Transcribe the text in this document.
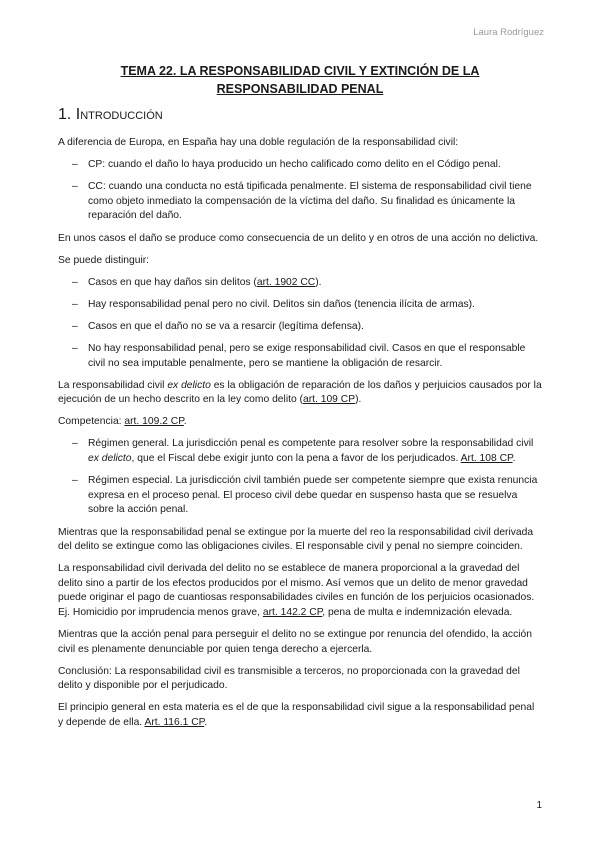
Laura Rodríguez
TEMA 22. LA RESPONSABILIDAD CIVIL Y EXTINCIÓN DE LA
RESPONSABILIDAD PENAL
1. Introducción

A diferencia de Europa, en España hay una doble regulación de la responsabilidad civil:

– CP: cuando el daño lo haya producido un hecho calificado como delito en el Código penal.
– CC: cuando una conducta no está tipificada penalmente. El sistema de responsabilidad civil tiene como objeto inmediato la compensación de la víctima del daño. Su finalidad es únicamente la reparación del daño.

En unos casos el daño se produce como consecuencia de un delito y en otros de una acción no delictiva.

Se puede distinguir:

– Casos en que hay daños sin delitos (art. 1902 CC).
– Hay responsabilidad penal pero no civil. Delitos sin daños (tenencia ilícita de armas).
– Casos en que el daño no se va a resarcir (legítima defensa).
– No hay responsabilidad penal, pero se exige responsabilidad civil. Casos en que el responsable civil no sea imputable penalmente, pero se mantiene la obligación de resarcir.

La responsabilidad civil ex delicto es la obligación de reparación de los daños y perjuicios causados por la ejecución de un hecho descrito en la ley como delito (art. 109 CP).

Competencia: art. 109.2 CP.

– Régimen general. La jurisdicción penal es competente para resolver sobre la responsabilidad civil ex delicto, que el Fiscal debe exigir junto con la pena a favor de los perjudicados. Art. 108 CP.
– Régimen especial. La jurisdicción civil también puede ser competente siempre que exista renuncia expresa en el proceso penal. El proceso civil debe quedar en suspenso hasta que se resuelva sobre la acción penal.

Mientras que la responsabilidad penal se extingue por la muerte del reo la responsabilidad civil derivada del delito se extingue como las obligaciones civiles. El responsable civil y penal no siempre coinciden.

La responsabilidad civil derivada del delito no se establece de manera proporcional a la gravedad del delito sino a partir de los efectos producidos por el mismo. Así vemos que un delito de menor gravedad puede originar el pago de cuantiosas responsabilidades civiles en función de los perjuicios ocasionados. Ej. Homicidio por imprudencia menos grave, art. 142.2 CP, pena de multa e indemnización elevada.

Mientras que la acción penal para perseguir el delito no se extingue por renuncia del ofendido, la acción civil es plenamente denunciable por quien tenga derecho a ejercerla.

Conclusión: La responsabilidad civil es transmisible a terceros, no proporcionada con la gravedad del delito y disponible por el perjudicado.

El principio general en esta materia es el de que la responsabilidad civil sigue a la responsabilidad penal y depende de ella. Art. 116.1 CP.

1
